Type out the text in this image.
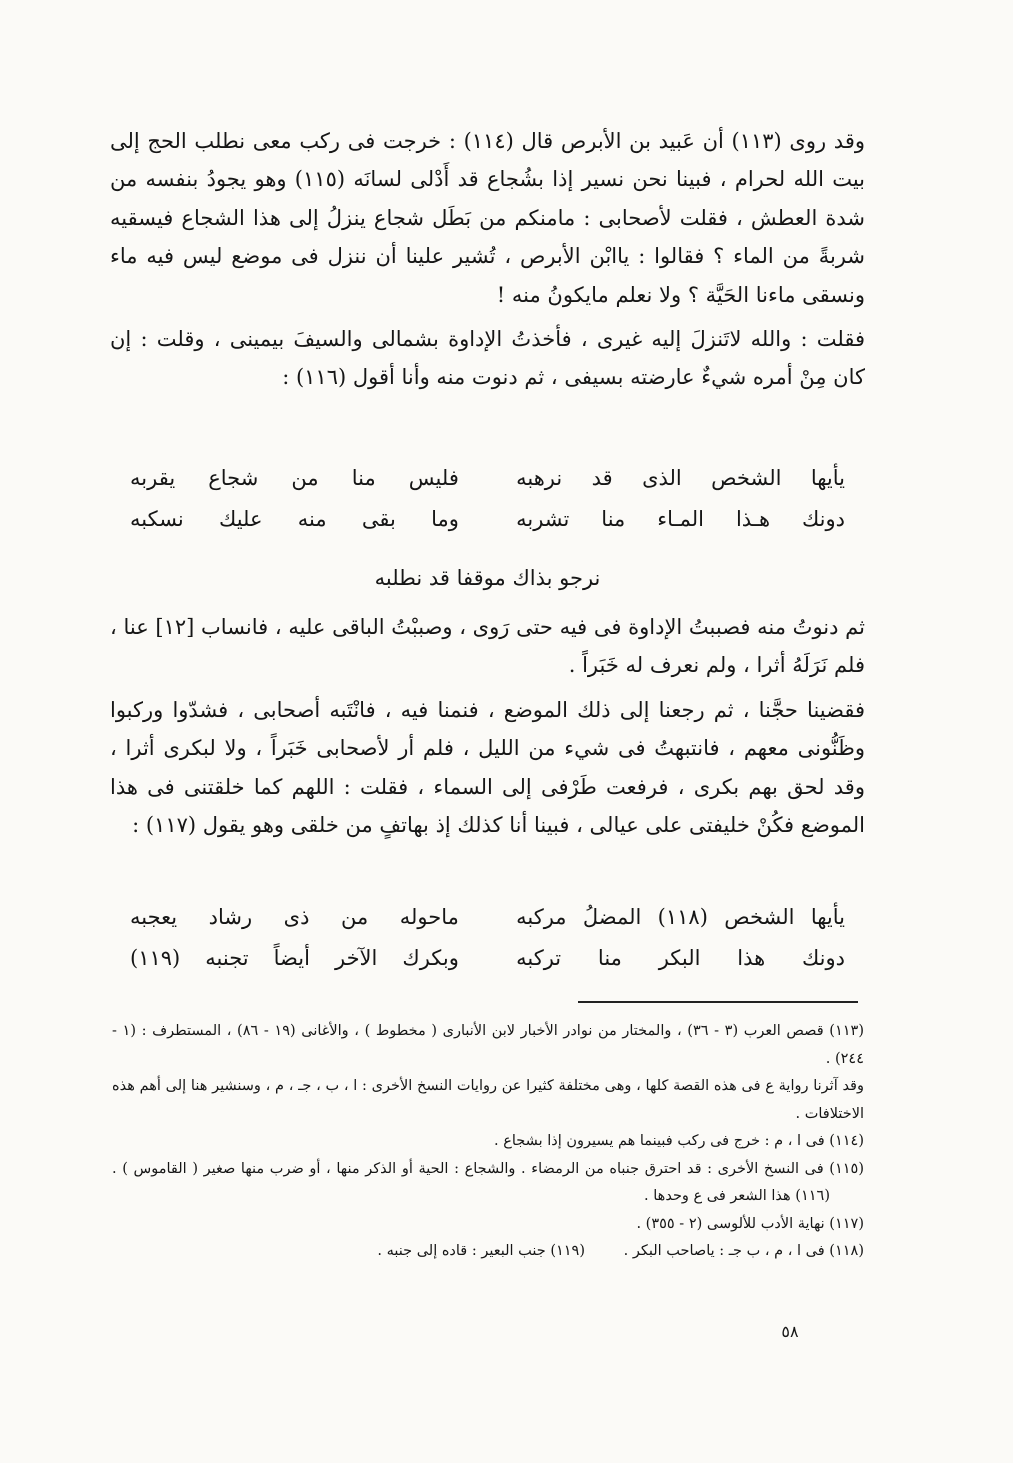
وقد روى (١١٣) أن عَبيد بن الأبرص قال (١١٤) : خرجت فى ركب معى نطلب الحج إلى بيت الله لحرام ، فبينا نحن نسير إذا بشُجاع قد أَدْلى لسانَه (١١٥) وهو يجودُ بنفسه من شدة العطش ، فقلت لأصحابى : مامنكم من بَطَل شجاع ينزلُ إلى هذا الشجاع فيسقيه شربةً من الماء ؟ فقالوا : ياابْن الأبرص ، تُشير علينا أن ننزل فى موضع ليس فيه ماء ونسقى ماءنا الحَيَّة ؟ ولا نعلم مايكونُ منه !

فقلت : والله لاتَنزلَ إليه غيرى ، فأخذتُ الإداوة بشمالى والسيفَ بيمينى ، وقلت : إن كان مِنْ أمره شيءٌ عارضته بسيفى ، ثم دنوت منه وأنا أقول (١١٦) :

يأيها الشخص الذى قد نرهبه
فليس منا من شجاع يقربه
دونك هـذا المـاء منا تشربه
وما بقى منه عليك نسكبه
نرجو بذاك موقفا قد نطلبه

ثم دنوتُ منه فصببتُ الإداوة فى فيه حتى رَوى ، وصببْتُ الباقى عليه ، فانساب [١٢] عنا ، فلم نَرَلَهُ أثرا ، ولم نعرف له خَبَراً .

فقضينا حجَّنا ، ثم رجعنا إلى ذلك الموضع ، فنمنا فيه ، فانْتَبه أصحابى ، فشدّوا وركبوا وظَنُّونى معهم ، فانتبهتُ فى شيء من الليل ، فلم أر لأصحابى خَبَراً ، ولا لبكرى أثرا ، وقد لحق بهم بكرى ، فرفعت طَرْفى إلى السماء ، فقلت : اللهم كما خلقتنى فى هذا الموضع فكُنْ خليفتى على عيالى ، فبينا أنا كذلك إذ بهاتفٍ من خلقى وهو يقول (١١٧) :

يأيها الشخص (١١٨) المضلُ مركبه
ماحوله من ذى رشاد يعجبه
دونك هذا البكر منا تركبه
وبكرك الآخر أيضاً تجنبه (١١٩)

(١١٣) قصص العرب (٣ - ٣٦) ، والمختار من نوادر الأخبار لابن الأنبارى ( مخطوط ) ، والأغانى (١٩ - ٨٦) ، المستطرف : (١ - ٢٤٤) .

وقد آثرنا رواية ع فى هذه القصة كلها ، وهى مختلفة كثيرا عن روايات النسخ الأخرى : ا ، ب ، جـ ، م ، وسنشير هنا إلى أهم هذه الاختلافات .

(١١٤) فى ا ، م : خرج فى ركب فبينما هم يسيرون إذا بشجاع .

(١١٥) فى النسخ الأخرى : قد احترق جنباه من الرمضاء . والشجاع : الحية أو الذكر منها ، أو ضرب منها صغير ( القاموس ) . (١١٦) هذا الشعر فى ع وحدها .

(١١٧) نهاية الأدب للألوسى (٢ - ٣٥٥) .

(١١٨) فى ا ، م ، ب جـ : ياصاحب البكر . (١١٩) جنب البعير : قاده إلى جنبه .

٥٨
